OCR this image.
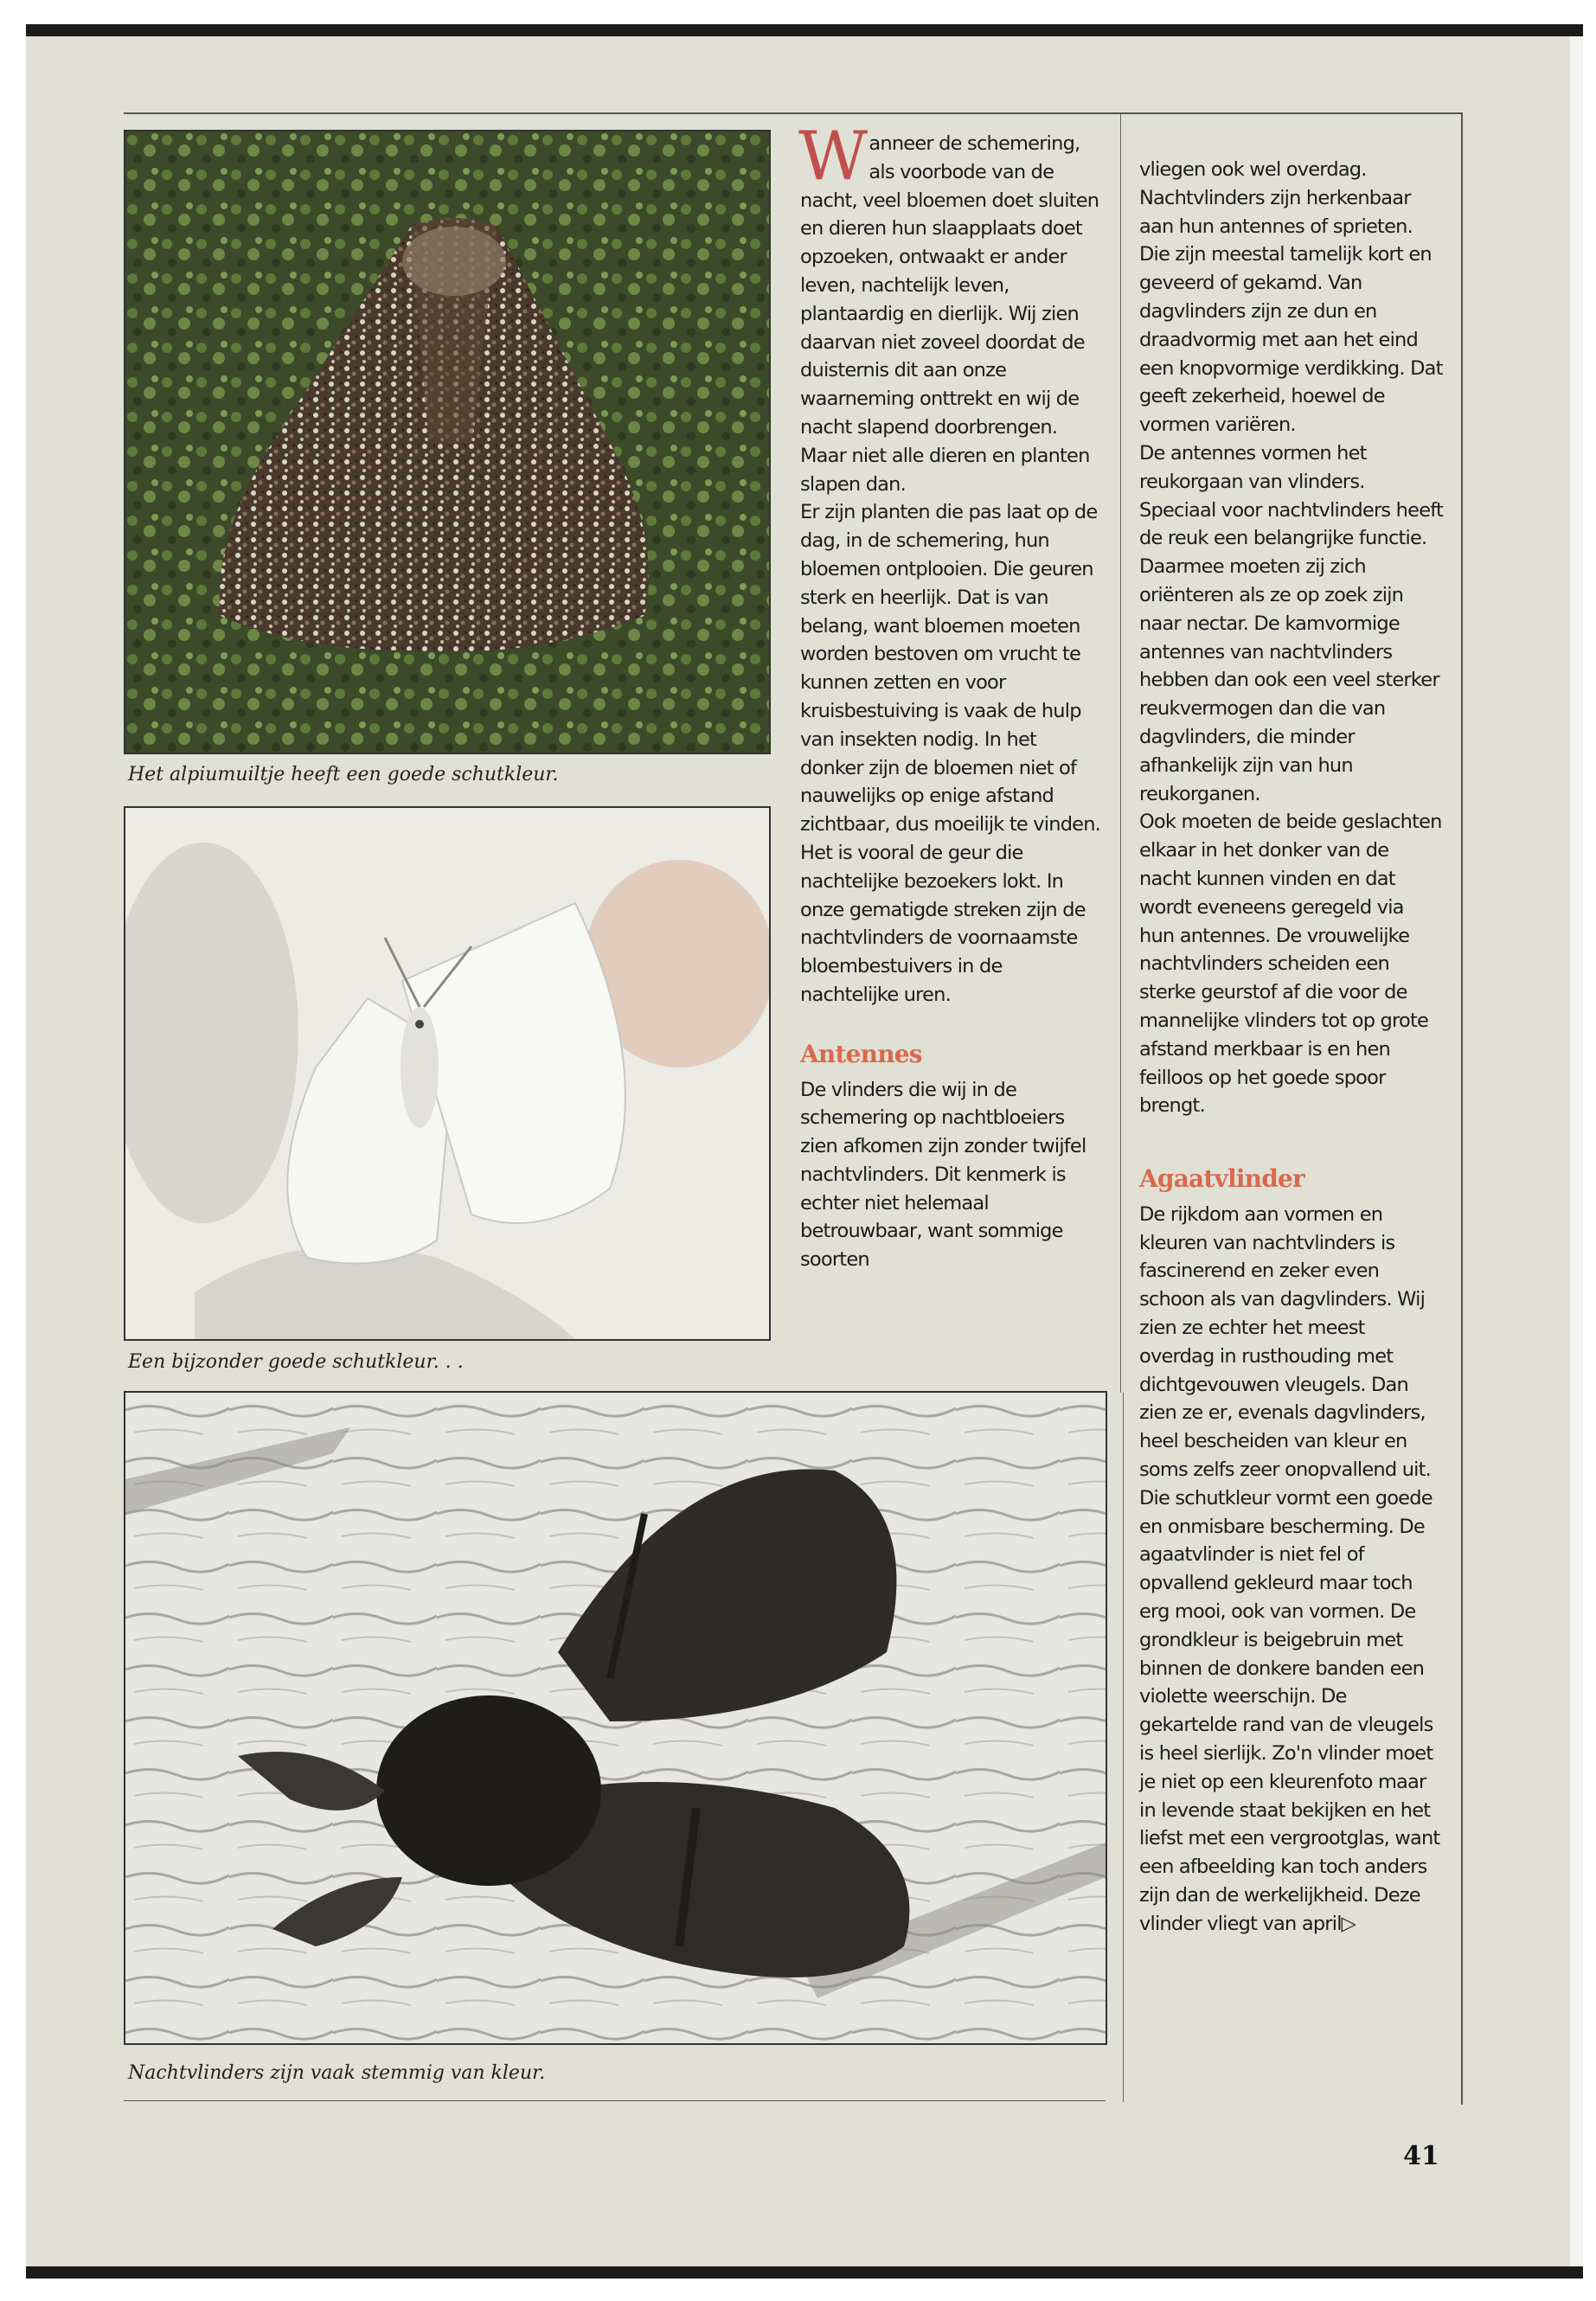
Het alpiumuiltje heeft een goede schutkleur.
Een bijzonder goede schutkleur. . .
Nachtvlinders zijn vaak stemmig van kleur.

Wanneer de schemering, als voorbode van de nacht, veel bloemen doet sluiten en dieren hun slaapplaats doet opzoeken, ontwaakt er ander leven, nachtelijk leven, plantaardig en dierlijk. Wij zien daarvan niet zoveel doordat de duisternis dit aan onze waarneming onttrekt en wij de nacht slapend doorbrengen. Maar niet alle dieren en planten slapen dan.

Er zijn planten die pas laat op de dag, in de schemering, hun bloemen ontplooien. Die geuren sterk en heerlijk. Dat is van belang, want bloemen moeten worden bestoven om vrucht te kunnen zetten en voor kruisbestuiving is vaak de hulp van insekten nodig. In het donker zijn de bloemen niet of nauwelijks op enige afstand zichtbaar, dus moeilijk te vinden. Het is vooral de geur die nachtelijke bezoekers lokt. In onze gematigde streken zijn de nachtvlinders de voornaamste bloembestuivers in de nachtelijke uren.

Antennes

De vlinders die wij in de schemering op nachtbloeiers zien afkomen zijn zonder twijfel nachtvlinders. Dit kenmerk is echter niet helemaal betrouwbaar, want sommige soorten

vliegen ook wel overdag. Nachtvlinders zijn herkenbaar aan hun antennes of sprieten. Die zijn meestal tamelijk kort en geveerd of gekamd. Van dagvlinders zijn ze dun en draadvormig met aan het eind een knopvormige verdikking. Dat geeft zekerheid, hoewel de vormen variëren.

De antennes vormen het reukorgaan van vlinders. Speciaal voor nachtvlinders heeft de reuk een belangrijke functie. Daarmee moeten zij zich oriënteren als ze op zoek zijn naar nectar. De kamvormige antennes van nachtvlinders hebben dan ook een veel sterker reukvermogen dan die van dagvlinders, die minder afhankelijk zijn van hun reukorganen.

Ook moeten de beide geslachten elkaar in het donker van de nacht kunnen vinden en dat wordt eveneens geregeld via hun antennes. De vrouwelijke nachtvlinders scheiden een sterke geurstof af die voor de mannelijke vlinders tot op grote afstand merkbaar is en hen feilloos op het goede spoor brengt.

Agaatvlinder

De rijkdom aan vormen en kleuren van nachtvlinders is fascinerend en zeker even schoon als van dagvlinders. Wij zien ze echter het meest overdag in rusthouding met dichtgevouwen vleugels. Dan zien ze er, evenals dagvlinders, heel bescheiden van kleur en soms zelfs zeer onopvallend uit. Die schutkleur vormt een goede en onmisbare bescherming. De agaatvlinder is niet fel of opvallend gekleurd maar toch erg mooi, ook van vormen. De grondkleur is beigebruin met binnen de donkere banden een violette weerschijn. De gekartelde rand van de vleugels is heel sierlijk. Zo'n vlinder moet je niet op een kleurenfoto maar in levende staat bekijken en het liefst met een vergrootglas, want een afbeelding kan toch anders zijn dan de werkelijkheid. Deze vlinder vliegt van april▷

41
